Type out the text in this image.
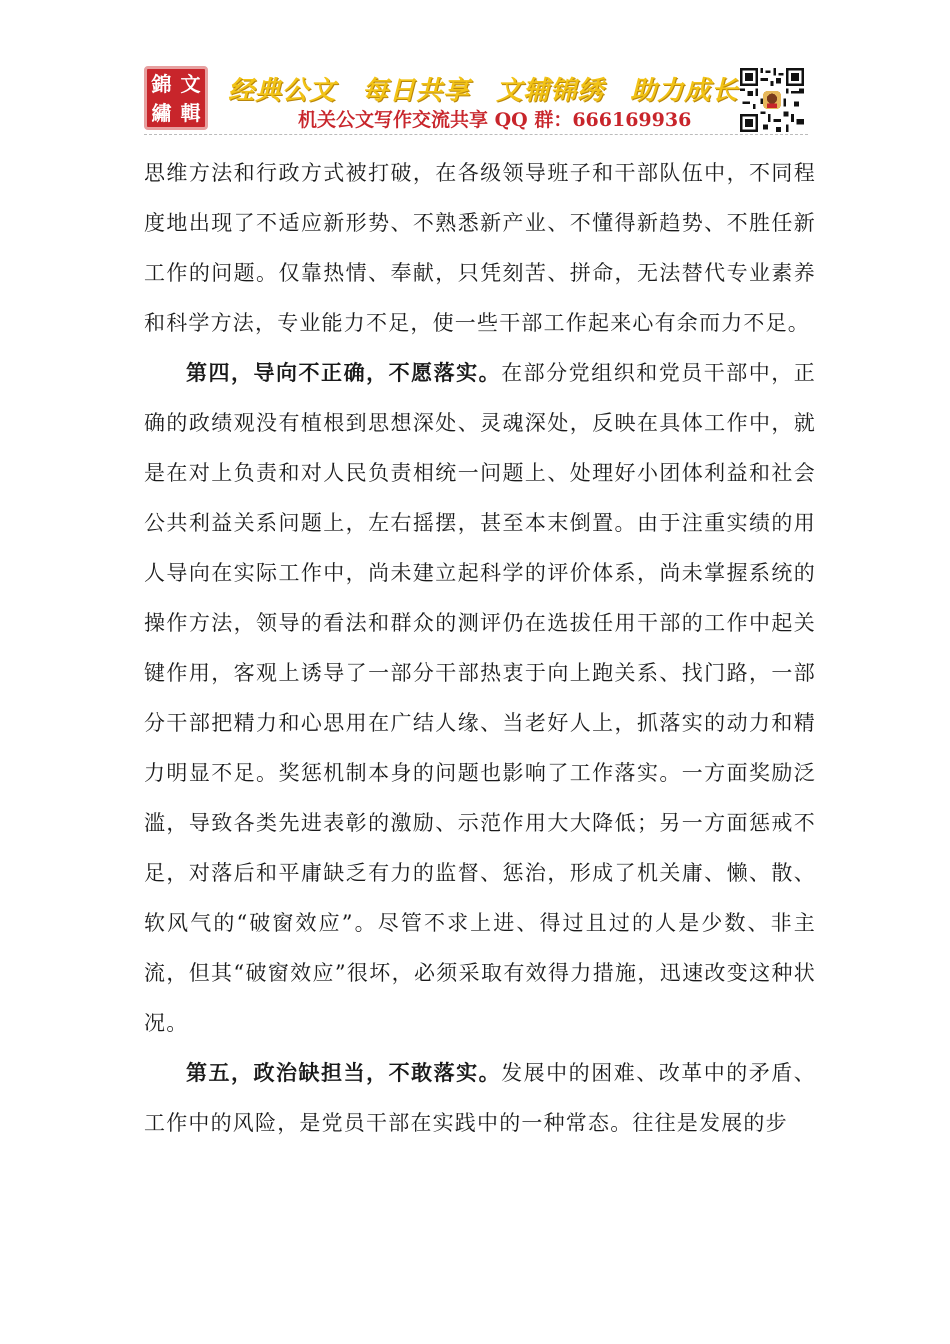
錦 文
繡 輯
经典公文 每日共享 文辅锦绣 助力成长
机关公文写作交流共享 QQ 群：666169936

思维方法和行政方式被打破，在各级领导班子和干部队伍中，不同程度地出现了不适应新形势、不熟悉新产业、不懂得新趋势、不胜任新工作的问题。仅靠热情、奉献，只凭刻苦、拼命，无法替代专业素养和科学方法，专业能力不足，使一些干部工作起来心有余而力不足。

第四，导向不正确，不愿落实。在部分党组织和党员干部中，正确的政绩观没有植根到思想深处、灵魂深处，反映在具体工作中，就是在对上负责和对人民负责相统一问题上、处理好小团体利益和社会公共利益关系问题上，左右摇摆，甚至本末倒置。由于注重实绩的用人导向在实际工作中，尚未建立起科学的评价体系，尚未掌握系统的操作方法，领导的看法和群众的测评仍在选拔任用干部的工作中起关键作用，客观上诱导了一部分干部热衷于向上跑关系、找门路，一部分干部把精力和心思用在广结人缘、当老好人上，抓落实的动力和精力明显不足。奖惩机制本身的问题也影响了工作落实。一方面奖励泛滥，导致各类先进表彰的激励、示范作用大大降低；另一方面惩戒不足，对落后和平庸缺乏有力的监督、惩治，形成了机关庸、懒、散、软风气的“破窗效应”。尽管不求上进、得过且过的人是少数、非主流，但其“破窗效应”很坏，必须采取有效得力措施，迅速改变这种状况。

第五，政治缺担当，不敢落实。发展中的困难、改革中的矛盾、工作中的风险，是党员干部在实践中的一种常态。往往是发展的步
